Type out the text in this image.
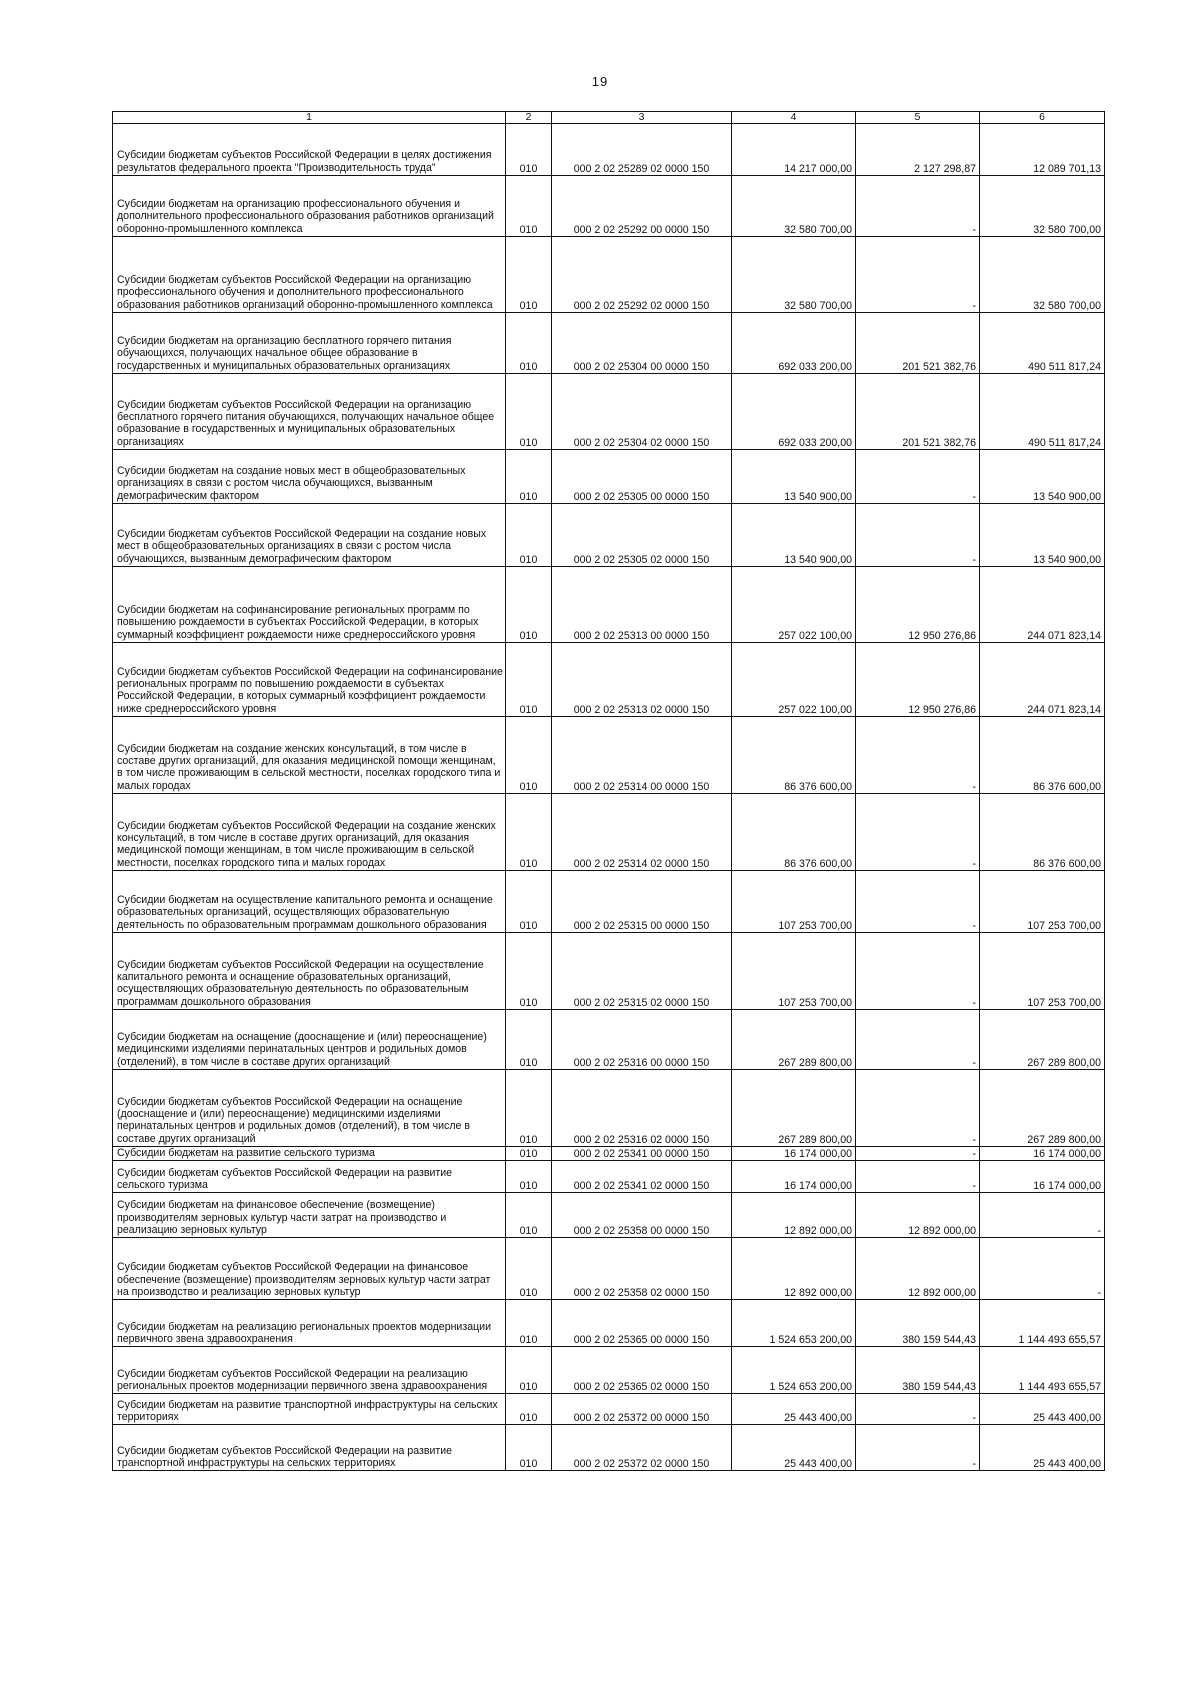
19
1	2	3	4	5	6
Субсидии бюджетам субъектов Российской Федерации в целях достижения результатов федерального проекта "Производительность труда"	010	000 2 02 25289 02 0000 150	14 217 000,00	2 127 298,87	12 089 701,13
Субсидии бюджетам на организацию профессионального обучения и дополнительного профессионального образования работников организаций оборонно-промышленного комплекса	010	000 2 02 25292 00 0000 150	32 580 700,00	-	32 580 700,00
Субсидии бюджетам субъектов Российской Федерации на организацию профессионального обучения и дополнительного профессионального образования работников организаций оборонно-промышленного комплекса	010	000 2 02 25292 02 0000 150	32 580 700,00	-	32 580 700,00
Субсидии бюджетам на организацию бесплатного горячего питания обучающихся, получающих начальное общее образование в государственных и муниципальных образовательных организациях	010	000 2 02 25304 00 0000 150	692 033 200,00	201 521 382,76	490 511 817,24
Субсидии бюджетам субъектов Российской Федерации на организацию бесплатного горячего питания обучающихся, получающих начальное общее образование в государственных и муниципальных образовательных организациях	010	000 2 02 25304 02 0000 150	692 033 200,00	201 521 382,76	490 511 817,24
Субсидии бюджетам на создание новых мест в общеобразовательных организациях в связи с ростом числа обучающихся, вызванным демографическим фактором	010	000 2 02 25305 00 0000 150	13 540 900,00	-	13 540 900,00
Субсидии бюджетам субъектов Российской Федерации на создание новых мест в общеобразовательных организациях в связи с ростом числа обучающихся, вызванным демографическим фактором	010	000 2 02 25305 02 0000 150	13 540 900,00	-	13 540 900,00
Субсидии бюджетам на софинансирование региональных программ по повышению рождаемости в субъектах Российской Федерации, в которых суммарный коэффициент рождаемости ниже среднероссийского уровня	010	000 2 02 25313 00 0000 150	257 022 100,00	12 950 276,86	244 071 823,14
Субсидии бюджетам субъектов Российской Федерации на софинансирование региональных программ по повышению рождаемости в субъектах Российской Федерации, в которых суммарный коэффициент рождаемости ниже среднероссийского уровня	010	000 2 02 25313 02 0000 150	257 022 100,00	12 950 276,86	244 071 823,14
Субсидии бюджетам на создание женских консультаций, в том числе в составе других организаций, для оказания медицинской помощи женщинам, в том числе проживающим в сельской местности, поселках городского типа и малых городах	010	000 2 02 25314 00 0000 150	86 376 600,00	-	86 376 600,00
Субсидии бюджетам субъектов Российской Федерации на создание женских консультаций, в том числе в составе других организаций, для оказания медицинской помощи женщинам, в том числе проживающим в сельской местности, поселках городского типа и малых городах	010	000 2 02 25314 02 0000 150	86 376 600,00	-	86 376 600,00
Субсидии бюджетам на осуществление капитального ремонта и оснащение образовательных организаций, осуществляющих образовательную деятельность по образовательным программам дошкольного образования	010	000 2 02 25315 00 0000 150	107 253 700,00	-	107 253 700,00
Субсидии бюджетам субъектов Российской Федерации на осуществление капитального ремонта и оснащение образовательных организаций, осуществляющих образовательную деятельность по образовательным программам дошкольного образования	010	000 2 02 25315 02 0000 150	107 253 700,00	-	107 253 700,00
Субсидии бюджетам на оснащение (дооснащение и (или) переоснащение) медицинскими изделиями перинатальных центров и родильных домов (отделений), в том числе в составе других организаций	010	000 2 02 25316 00 0000 150	267 289 800,00	-	267 289 800,00
Субсидии бюджетам субъектов Российской Федерации на оснащение (дооснащение и (или) переоснащение) медицинскими изделиями перинатальных центров и родильных домов (отделений), в том числе в составе других организаций	010	000 2 02 25316 02 0000 150	267 289 800,00	-	267 289 800,00
Субсидии бюджетам на развитие сельского туризма	010	000 2 02 25341 00 0000 150	16 174 000,00	-	16 174 000,00
Субсидии бюджетам субъектов Российской Федерации на развитие сельского туризма	010	000 2 02 25341 02 0000 150	16 174 000,00	-	16 174 000,00
Субсидии бюджетам на финансовое обеспечение (возмещение) производителям зерновых культур части затрат на производство и реализацию зерновых культур	010	000 2 02 25358 00 0000 150	12 892 000,00	12 892 000,00	-
Субсидии бюджетам субъектов Российской Федерации на финансовое обеспечение (возмещение) производителям зерновых культур части затрат на производство и реализацию зерновых культур	010	000 2 02 25358 02 0000 150	12 892 000,00	12 892 000,00	-
Субсидии бюджетам на реализацию региональных проектов модернизации первичного звена здравоохранения	010	000 2 02 25365 00 0000 150	1 524 653 200,00	380 159 544,43	1 144 493 655,57
Субсидии бюджетам субъектов Российской Федерации на реализацию региональных проектов модернизации первичного звена здравоохранения	010	000 2 02 25365 02 0000 150	1 524 653 200,00	380 159 544,43	1 144 493 655,57
Субсидии бюджетам на развитие транспортной инфраструктуры на сельских территориях	010	000 2 02 25372 00 0000 150	25 443 400,00	-	25 443 400,00
Субсидии бюджетам субъектов Российской Федерации на развитие транспортной инфраструктуры на сельских территориях	010	000 2 02 25372 02 0000 150	25 443 400,00	-	25 443 400,00
